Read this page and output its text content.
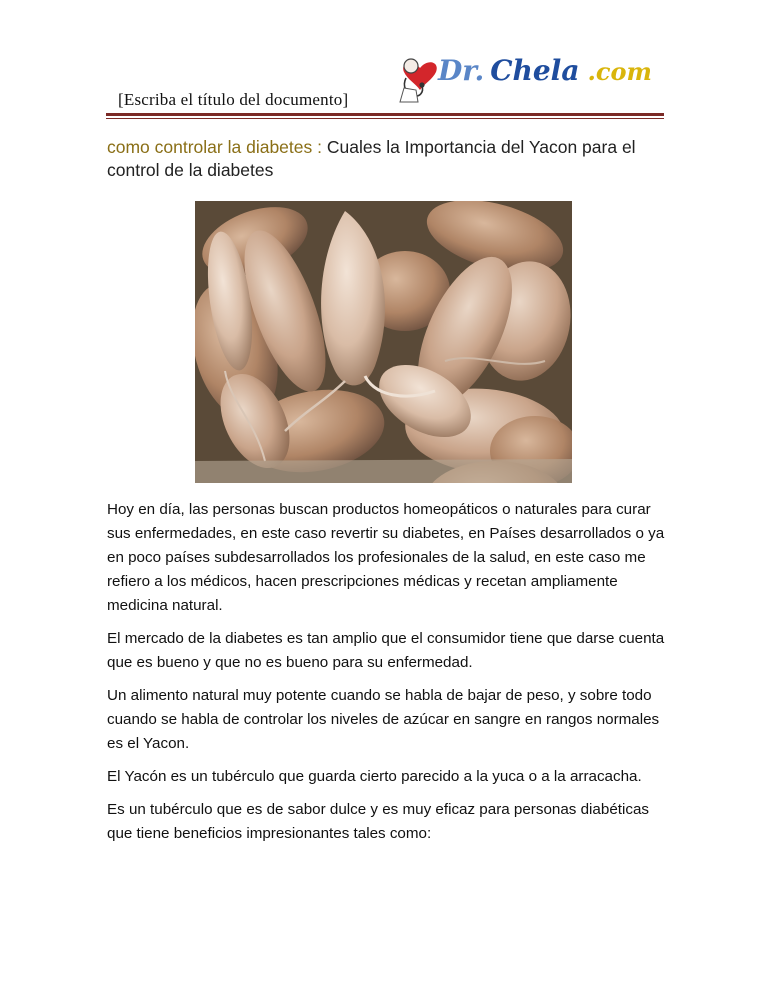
[Escriba el título del documento]
Dr. Chela .com
como controlar la diabetes : Cuales la Importancia del Yacon para el control de la diabetes

Hoy en día, las personas buscan productos homeopáticos o naturales para curar sus enfermedades, en este caso revertir su diabetes, en Países desarrollados o ya en poco países subdesarrollados los profesionales de la salud, en este caso me refiero a los médicos, hacen prescripciones médicas y recetan ampliamente medicina natural.

El mercado de la diabetes es tan amplio que el consumidor tiene que darse cuenta que es bueno y que no es bueno para su enfermedad.

Un alimento natural muy potente cuando se habla de bajar de peso, y sobre todo cuando se habla de controlar los niveles de azúcar en sangre en rangos normales es el Yacon.

El Yacón es un tubérculo que guarda cierto parecido a la yuca o a la arracacha.

Es un tubérculo que es de sabor dulce y es muy eficaz para personas diabéticas que tiene beneficios impresionantes tales como:
